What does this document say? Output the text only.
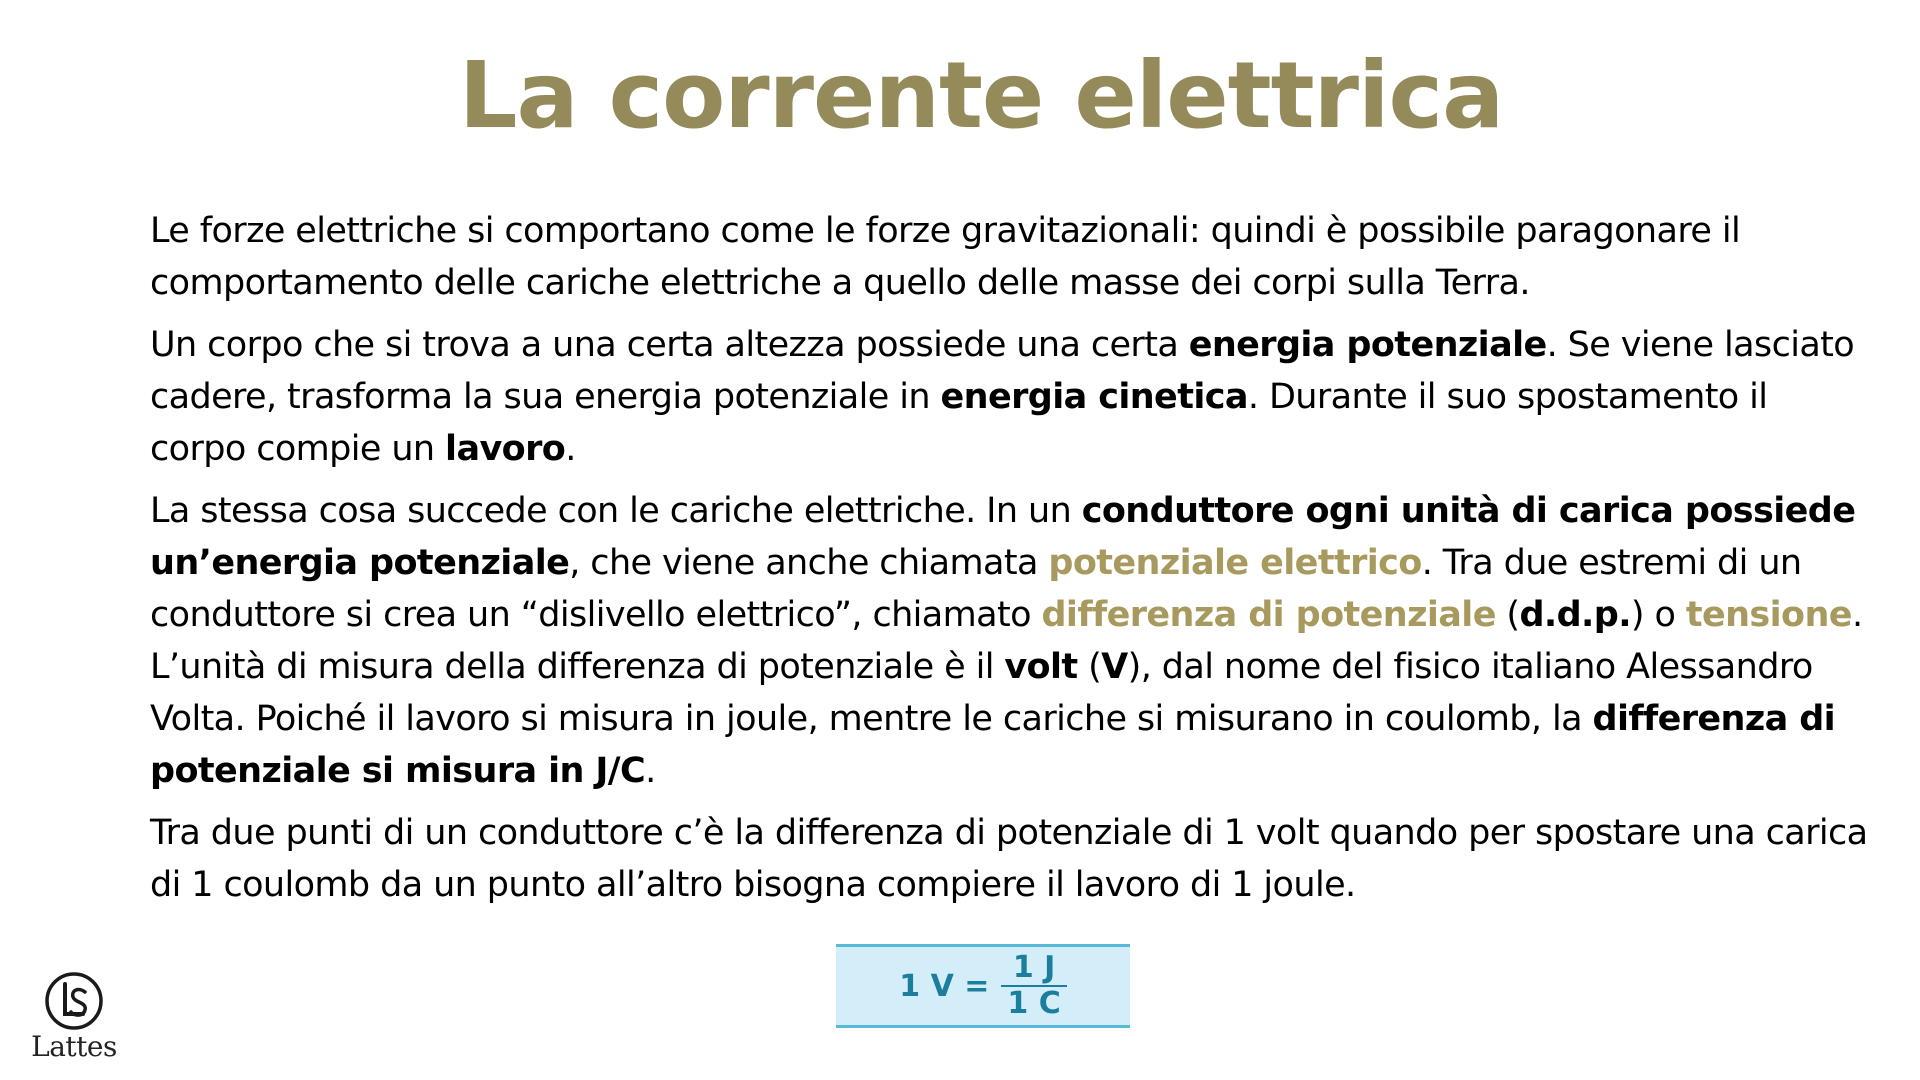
La corrente elettrica

Le forze elettriche si comportano come le forze gravitazionali: quindi è possibile paragonare il comportamento delle cariche elettriche a quello delle masse dei corpi sulla Terra.

Un corpo che si trova a una certa altezza possiede una certa energia potenziale. Se viene lasciato cadere, trasforma la sua energia potenziale in energia cinetica. Durante il suo spostamento il corpo compie un lavoro.

La stessa cosa succede con le cariche elettriche. In un conduttore ogni unità di carica possiede un’energia potenziale, che viene anche chiamata potenziale elettrico. Tra due estremi di un conduttore si crea un “dislivello elettrico”, chiamato differenza di potenziale (d.d.p.) o tensione. L’unità di misura della differenza di potenziale è il volt (V), dal nome del fisico italiano Alessandro Volta. Poiché il lavoro si misura in joule, mentre le cariche si misurano in coulomb, la differenza di potenziale si misura in J/C.

Tra due punti di un conduttore c’è la differenza di potenziale di 1 volt quando per spostare una carica di 1 coulomb da un punto all’altro bisogna compiere il lavoro di 1 joule.

1 $V = \frac{1 J}{1 C}$
Lattes
